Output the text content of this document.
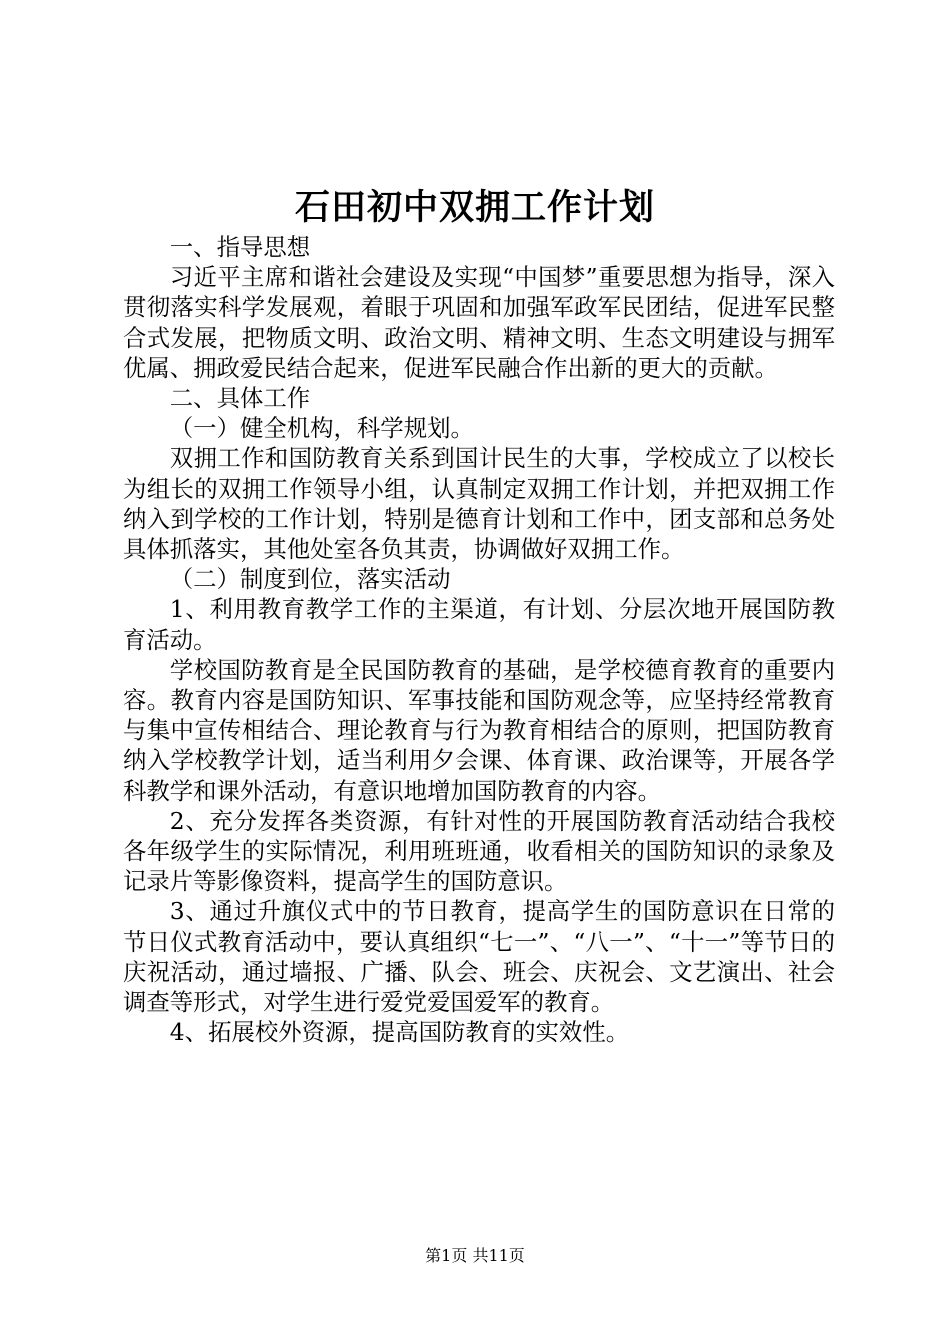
石田初中双拥工作计划

一、指导思想

习近平主席和谐社会建设及实现“中国梦”重要思想为指导，深入贯彻落实科学发展观，着眼于巩固和加强军政军民团结，促进军民整合式发展，把物质文明、政治文明、精神文明、生态文明建设与拥军优属、拥政爱民结合起来，促进军民融合作出新的更大的贡献。

二、具体工作

（一）健全机构，科学规划。

双拥工作和国防教育关系到国计民生的大事，学校成立了以校长为组长的双拥工作领导小组，认真制定双拥工作计划，并把双拥工作纳入到学校的工作计划，特别是德育计划和工作中，团支部和总务处具体抓落实，其他处室各负其责，协调做好双拥工作。

（二）制度到位，落实活动

1、利用教育教学工作的主渠道，有计划、分层次地开展国防教育活动。

学校国防教育是全民国防教育的基础，是学校德育教育的重要内容。教育内容是国防知识、军事技能和国防观念等，应坚持经常教育与集中宣传相结合、理论教育与行为教育相结合的原则，把国防教育纳入学校教学计划，适当利用夕会课、体育课、政治课等，开展各学科教学和课外活动，有意识地增加国防教育的内容。

2、充分发挥各类资源，有针对性的开展国防教育活动结合我校各年级学生的实际情况，利用班班通，收看相关的国防知识的录象及记录片等影像资料，提高学生的国防意识。

3、通过升旗仪式中的节日教育，提高学生的国防意识在日常的节日仪式教育活动中，要认真组织“七一”、“八一”、“十一”等节日的庆祝活动，通过墙报、广播、队会、班会、庆祝会、文艺演出、社会调查等形式，对学生进行爱党爱国爱军的教育。

4、拓展校外资源，提高国防教育的实效性。

第1页 共11页
